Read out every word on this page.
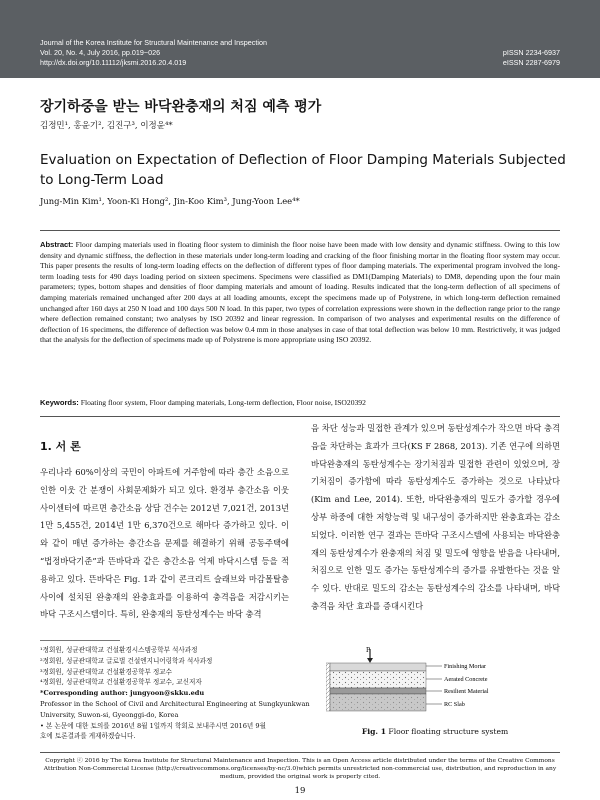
Journal of the Korea Institute for Structural Maintenance and Inspection
Vol. 20, No. 4, July 2016, pp.019~026
http://dx.doi.org/10.11112/jksmi.2016.20.4.019
pISSN 2234-6937
eISSN 2287-6979
장기하중을 받는 바닥완충재의 처짐 예측 평가
김정민¹, 홍윤기², 김진구³, 이정윤⁴*
Evaluation on Expectation of Deflection of Floor Damping Materials Subjected to Long-Term Load
Jung-Min Kim¹, Yoon-Ki Hong², Jin-Koo Kim³, Jung-Yoon Lee⁴*

Abstract: Floor damping materials used in floating floor system to diminish the floor noise have been made with low density and dynamic stiffness. Owing to this low density and dynamic stiffness, the deflection in these materials under long-term loading and cracking of the floor finishing mortar in the floating floor system may occur. This paper presents the results of long-term loading effects on the deflection of different types of floor damping materials. The experimental program involved the long-term loading tests for 490 days loading period on sixteen specimens. Specimens were classified as DM1(Damping Materials) to DM8, depending upon the four main parameters; types, bottom shapes and densities of floor damping materials and amount of loading. Results indicated that the long-term deflection of all specimens of damping materials remained unchanged after 200 days at all loading amounts, except the specimens made up of Polystrene, in which long-term deflection remained unchanged after 160 days at 250 N load and 100 days 500 N load. In this paper, two types of correlation expressions were shown in the deflection range prior to the range where deflection remained constant; two analyses by ISO 20392 and linear regression. In comparison of two analyses and experimental results on the difference of deflection of 16 specimens, the difference of deflection was below 0.4 mm in those analyses in case of that total deflection was below 10 mm. Restrictively, it was judged that the analysis for the deflection of specimens made up of Polystrene is more appropriate using ISO 20392.

Keywords: Floating floor system, Floor damping materials, Long-term deflection, Floor noise, ISO20392
1. 서 론

우리나라 60%이상의 국민이 아파트에 거주함에 따라 층간 소음으로 인한 이웃 간 분쟁이 사회문제화가 되고 있다. 환경부 층간소음 이웃사이센터에 따르면 층간소음 상담 건수는 2012년 7,021건, 2013년 1만 5,455건, 2014년 1만 6,370건으로 해마다 증가하고 있다. 이와 같이 매년 증가하는 층간소음 문제를 해결하기 위해 공동주택에 “법정바닥기준”과 뜬바닥과 같은 층간소음 억제 바닥시스템 등을 적용하고 있다. 뜬바닥은 Fig. 1과 같이 콘크리트 슬래브와 마감몰탈층 사이에 설치된 완충재의 완충효과를 이용하여 충격음을 저감시키는 바닥 구조시스템이다. 특히, 완충재의 동탄성계수는 바닥 충격

음 차단 성능과 밀접한 관계가 있으며 동탄성계수가 작으면 바닥 충격음을 차단하는 효과가 크다(KS F 2868, 2013). 기존 연구에 의하면 바닥완충재의 동탄성계수는 장기처짐과 밀접한 관련이 있었으며, 장기처짐이 증가함에 따라 동탄성계수도 증가하는 것으로 나타났다(Kim and Lee, 2014). 또한, 바닥완충재의 밀도가 증가할 경우에 상부 하중에 대한 저항능력 및 내구성이 증가하지만 완충효과는 감소되었다. 이러한 연구 결과는 뜬바닥 구조시스템에 사용되는 바닥완충재의 동탄성계수가 완충재의 처짐 및 밀도에 영향을 받음을 나타내며, 처짐으로 인한 밀도 증가는 동탄성계수의 증가를 유발한다는 것을 알 수 있다. 반대로 밀도의 감소는 동탄성계수의 감소를 나타내며, 바닥충격음 차단 효과를 증대시킨다

¹정회원, 성균관대학교 건설환경시스템공학부 석사과정
²정회원, 성균관대학교 글로벌 건설엔지니어링학과 석사과정
³정회원, 성균관대학교 건설환경공학부 정교수
⁴정회원, 성균관대학교 건설환경공학부 정교수, 교신저자
*Corresponding author: jungyoon@skku.edu
Professor in the School of Civil and Architectural Engineering at Sungkyunkwan
University, Suwon-si, Gyeonggi-do, Korea
• 본 논문에 대한 토의를 2016년 8월 1일까지 학회로 보내주시면 2016년 9월
호에 토론결과를 게재하겠습니다.
P
Finishing Mortar
Aerated Concrete
Resilient Material
RC Slab
Fig. 1 Floor floating structure system
Copyright ⓒ 2016 by The Korea Institute for Structural Maintenance and Inspection. This is an Open Access article distributed under the terms of the Creative Commons Attribution Non-Commercial License (http://creativecommons.org/licenses/by-nc/3.0)which permits unrestricted non-commercial use, distribution, and reproduction in any medium, provided the original work is properly cited.
19
